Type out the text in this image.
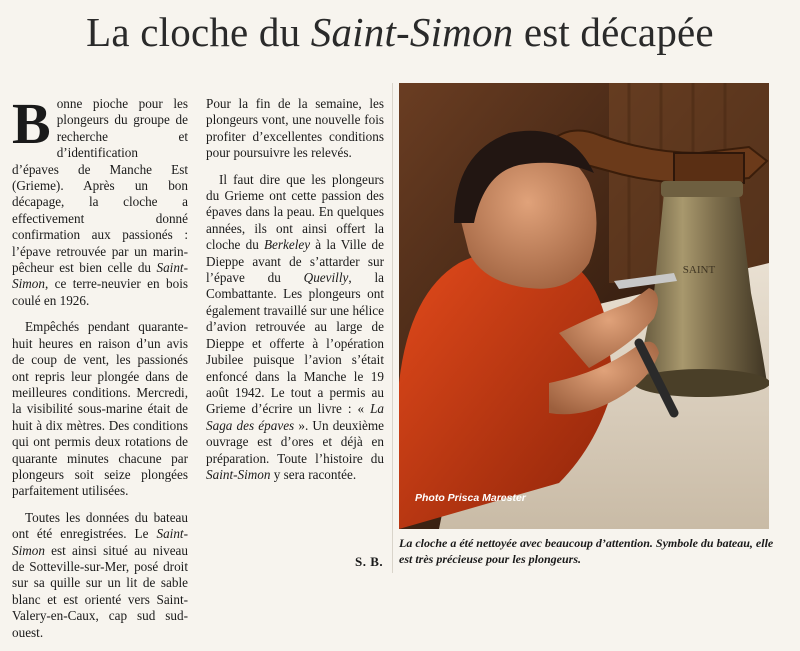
La cloche du Saint-Simon est décapée

Bonne pioche pour les plongeurs du groupe de recherche et d’identification d’épaves de Manche Est (Grieme). Après un bon décapage, la cloche a effectivement donné confirmation aux passionés : l’épave retrouvée par un marin-pêcheur est bien celle du Saint-Simon, ce terre-neuvier en bois coulé en 1926.

Empêchés pendant quarante-huit heures en raison d’un avis de coup de vent, les passionés ont repris leur plongée dans de meilleures conditions. Mercredi, la visibilité sous-marine était de huit à dix mètres. Des conditions qui ont permis deux rotations de quarante minutes chacune par plongeurs soit seize plongées parfaitement utilisées.

Toutes les données du bateau ont été enregistrées. Le Saint-Simon est ainsi situé au niveau de Sotteville-sur-Mer, posé droit sur sa quille sur un lit de sable blanc et est orienté vers Saint-Valery-en-Caux, cap sud sud-ouest.

Pour la fin de la semaine, les plongeurs vont, une nouvelle fois profiter d’excellentes conditions pour poursuivre les relevés.

Il faut dire que les plongeurs du Grieme ont cette passion des épaves dans la peau. En quelques années, ils ont ainsi offert la cloche du Berkeley à la Ville de Dieppe avant de s’attarder sur l’épave du Quevilly, la Combattante. Les plongeurs ont également travaillé sur une hélice d’avion retrouvée au large de Dieppe et offerte à l’opération Jubilee puisque l’avion s’était enfoncé dans la Manche le 19 août 1942. Le tout a permis au Grieme d’écrire un livre : « La Saga des épaves ». Un deuxième ouvrage est d’ores et déjà en préparation. Toute l’histoire du Saint-Simon y sera racontée.

S. B.
SAINT
Photo Prisca Marester
La cloche a été nettoyée avec beaucoup d’attention. Symbole du bateau, elle est très précieuse pour les plongeurs.
